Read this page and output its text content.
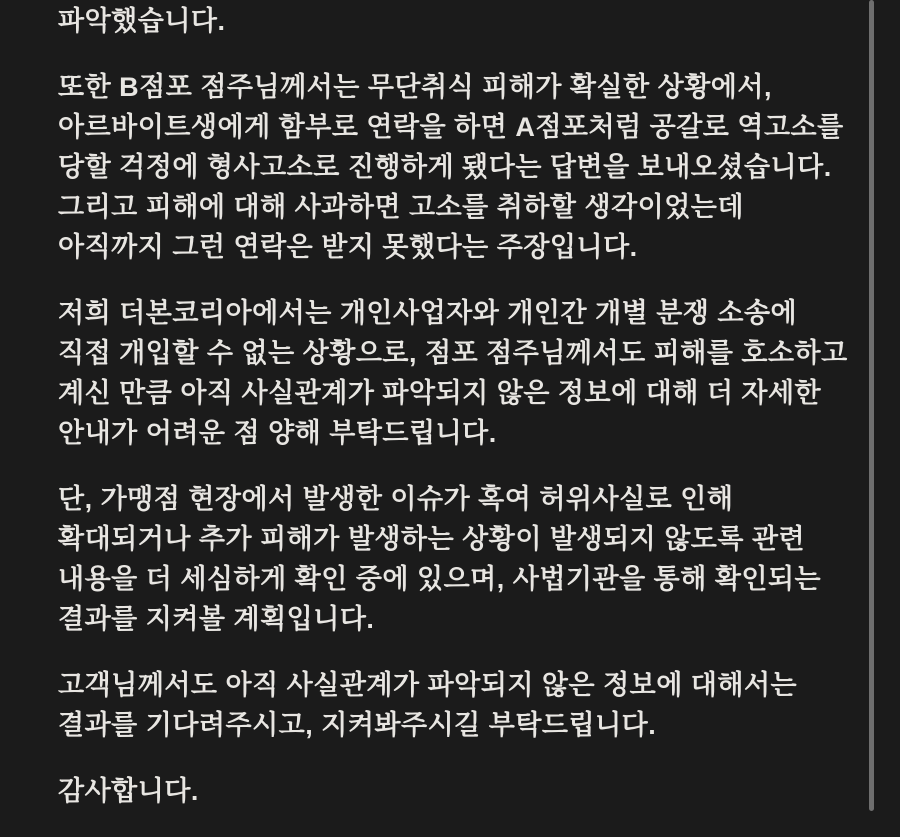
파악했습니다.
또한 B점포 점주님께서는 무단취식 피해가 확실한 상황에서,
아르바이트생에게 함부로 연락을 하면 A점포처럼 공갈로 역고소를
당할 걱정에 형사고소로 진행하게 됐다는 답변을 보내오셨습니다.
그리고 피해에 대해 사과하면 고소를 취하할 생각이었는데
아직까지 그런 연락은 받지 못했다는 주장입니다.
저희 더본코리아에서는 개인사업자와 개인간 개별 분쟁 소송에
직접 개입할 수 없는 상황으로, 점포 점주님께서도 피해를 호소하고
계신 만큼 아직 사실관계가 파악되지 않은 정보에 대해 더 자세한
안내가 어려운 점 양해 부탁드립니다.
단, 가맹점 현장에서 발생한 이슈가 혹여 허위사실로 인해
확대되거나 추가 피해가 발생하는 상황이 발생되지 않도록 관련
내용을 더 세심하게 확인 중에 있으며, 사법기관을 통해 확인되는
결과를 지켜볼 계획입니다.
고객님께서도 아직 사실관계가 파악되지 않은 정보에 대해서는
결과를 기다려주시고, 지켜봐주시길 부탁드립니다.
감사합니다.
